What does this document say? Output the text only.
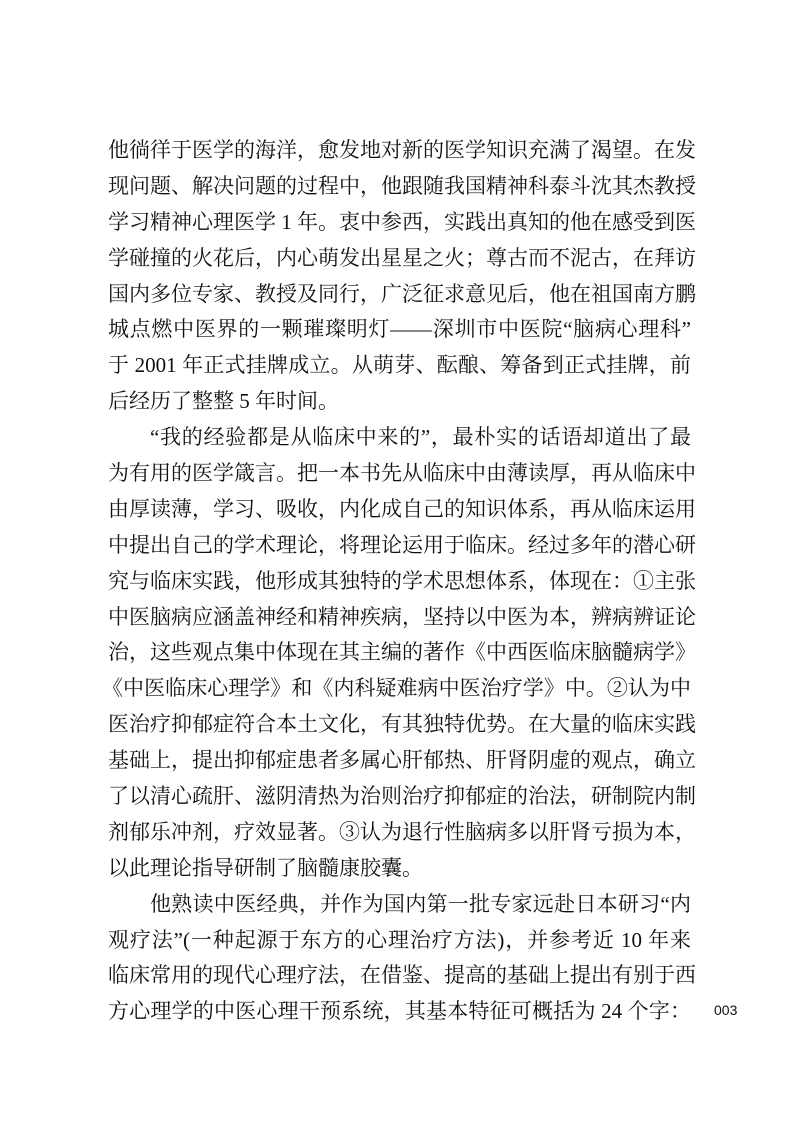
他徜徉于医学的海洋，愈发地对新的医学知识充满了渴望。在发
现问题、解决问题的过程中，他跟随我国精神科泰斗沈其杰教授
学习精神心理医学 1 年。衷中参西，实践出真知的他在感受到医
学碰撞的火花后，内心萌发出星星之火；尊古而不泥古，在拜访
国内多位专家、教授及同行，广泛征求意见后，他在祖国南方鹏
城点燃中医界的一颗璀璨明灯——深圳市中医院“脑病心理科”
于 2001 年正式挂牌成立。从萌芽、酝酿、筹备到正式挂牌，前
后经历了整整 5 年时间。
“我的经验都是从临床中来的”，最朴实的话语却道出了最
为有用的医学箴言。把一本书先从临床中由薄读厚，再从临床中
由厚读薄，学习、吸收，内化成自己的知识体系，再从临床运用
中提出自己的学术理论，将理论运用于临床。经过多年的潜心研
究与临床实践，他形成其独特的学术思想体系，体现在：①主张
中医脑病应涵盖神经和精神疾病，坚持以中医为本，辨病辨证论
治，这些观点集中体现在其主编的著作《中西医临床脑髓病学》
《中医临床心理学》和《内科疑难病中医治疗学》中。②认为中
医治疗抑郁症符合本土文化，有其独特优势。在大量的临床实践
基础上，提出抑郁症患者多属心肝郁热、肝肾阴虚的观点，确立
了以清心疏肝、滋阴清热为治则治疗抑郁症的治法，研制院内制
剂郁乐冲剂，疗效显著。③认为退行性脑病多以肝肾亏损为本，
以此理论指导研制了脑髓康胶囊。
他熟读中医经典，并作为国内第一批专家远赴日本研习“内
观疗法”(一种起源于东方的心理治疗方法)，并参考近 10 年来
临床常用的现代心理疗法，在借鉴、提高的基础上提出有别于西
方心理学的中医心理干预系统，其基本特征可概括为 24 个字： 003
